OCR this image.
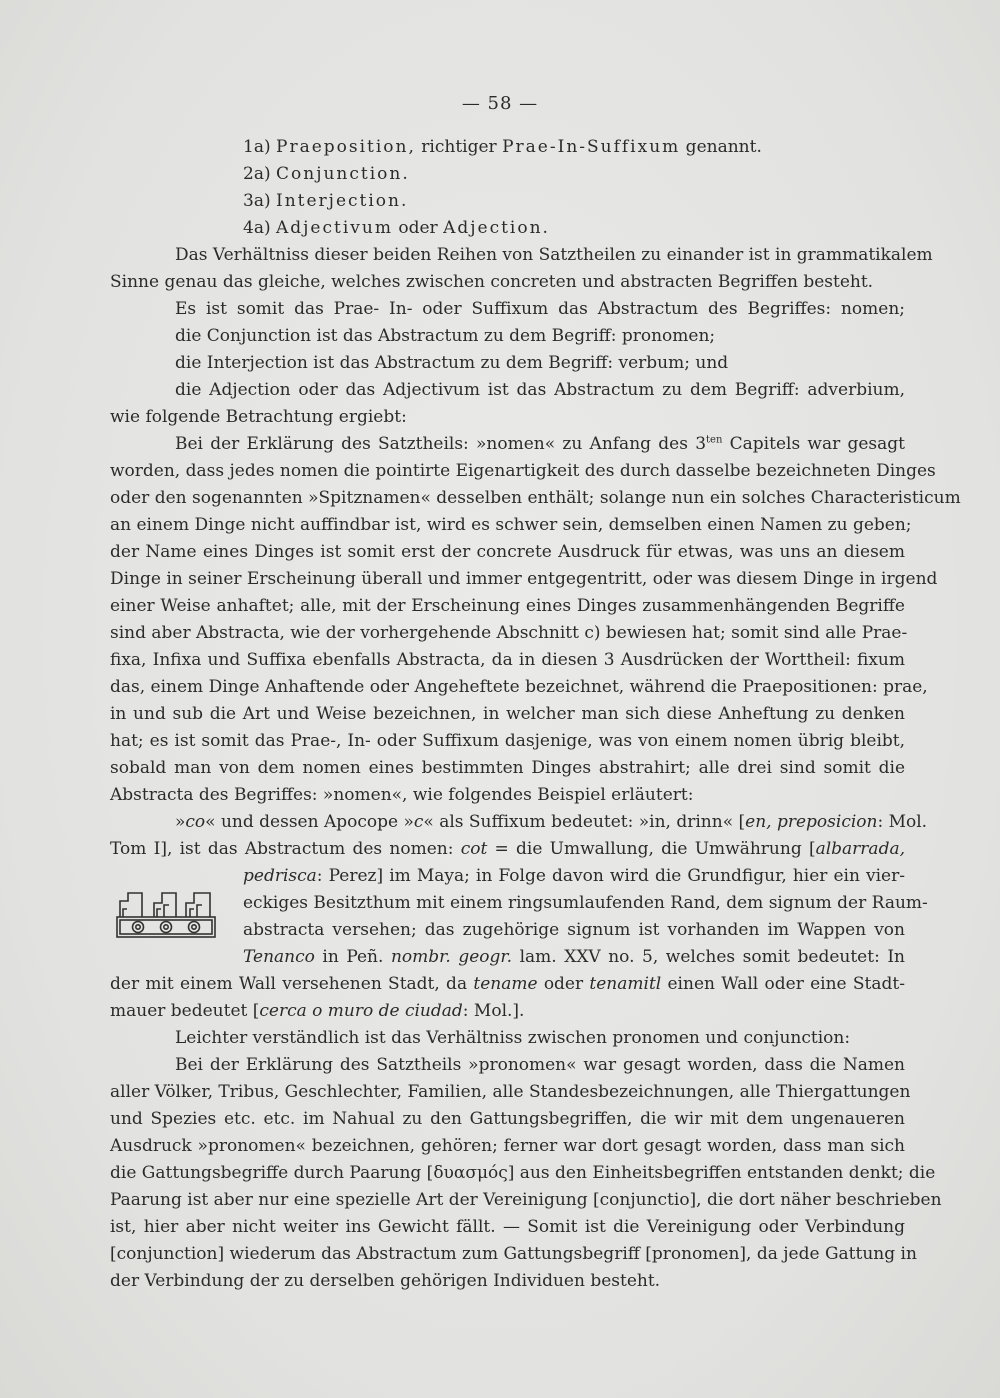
— 58 —
1a) Praeposition, richtiger Prae-In-Suffixum genannt.
2a) Conjunction.
3a) Interjection.
4a) Adjectivum oder Adjection.
Das Verhältniss dieser beiden Reihen von Satztheilen zu einander ist in grammatikalem
Sinne genau das gleiche, welches zwischen concreten und abstracten Begriffen besteht.
Es ist somit das Prae- In- oder Suffixum das Abstractum des Begriffes: nomen;
die Conjunction ist das Abstractum zu dem Begriff: pronomen;
die Interjection ist das Abstractum zu dem Begriff: verbum; und
die Adjection oder das Adjectivum ist das Abstractum zu dem Begriff: adverbium,
wie folgende Betrachtung ergiebt:
Bei der Erklärung des Satztheils: »nomen« zu Anfang des $3^{ten}$ Capitels war gesagt
worden, dass jedes nomen die pointirte Eigenartigkeit des durch dasselbe bezeichneten Dinges
oder den sogenannten »Spitznamen« desselben enthält; solange nun ein solches Characteristicum
an einem Dinge nicht auffindbar ist, wird es schwer sein, demselben einen Namen zu geben;
der Name eines Dinges ist somit erst der concrete Ausdruck für etwas, was uns an diesem
Dinge in seiner Erscheinung überall und immer entgegentritt, oder was diesem Dinge in irgend
einer Weise anhaftet; alle, mit der Erscheinung eines Dinges zusammenhängenden Begriffe
sind aber Abstracta, wie der vorhergehende Abschnitt c) bewiesen hat; somit sind alle Prae-
fixa, Infixa und Suffixa ebenfalls Abstracta, da in diesen 3 Ausdrücken der Worttheil: fixum
das, einem Dinge Anhaftende oder Angeheftete bezeichnet, während die Praepositionen: prae,
in und sub die Art und Weise bezeichnen, in welcher man sich diese Anheftung zu denken
hat; es ist somit das Prae-, In- oder Suffixum dasjenige, was von einem nomen übrig bleibt,
sobald man von dem nomen eines bestimmten Dinges abstrahirt; alle drei sind somit die
Abstracta des Begriffes: »nomen«, wie folgendes Beispiel erläutert:
»co« und dessen Apocope »c« als Suffixum bedeutet: »in, drinn« [en, preposicion: Mol.
Tom I], ist das Abstractum des nomen: cot = die Umwallung, die Umwährung [albarrada,
pedrisca: Perez] im Maya; in Folge davon wird die Grundfigur, hier ein vier-
eckiges Besitzthum mit einem ringsumlaufenden Rand, dem signum der Raum-
abstracta versehen; das zugehörige signum ist vorhanden im Wappen von
Tenanco in Peñ. nombr. geogr. lam. XXV no. 5, welches somit bedeutet: In
der mit einem Wall versehenen Stadt, da tename oder tenamitl einen Wall oder eine Stadt-
mauer bedeutet [cerca o muro de ciudad: Mol.].
Leichter verständlich ist das Verhältniss zwischen pronomen und conjunction:
Bei der Erklärung des Satztheils »pronomen« war gesagt worden, dass die Namen
aller Völker, Tribus, Geschlechter, Familien, alle Standesbezeichnungen, alle Thiergattungen
und Spezies etc. etc. im Nahual zu den Gattungsbegriffen, die wir mit dem ungenaueren
Ausdruck »pronomen« bezeichnen, gehören; ferner war dort gesagt worden, dass man sich
die Gattungsbegriffe durch Paarung [δυασμός] aus den Einheitsbegriffen entstanden denkt; die
Paarung ist aber nur eine spezielle Art der Vereinigung [conjunctio], die dort näher beschrieben
ist, hier aber nicht weiter ins Gewicht fällt. — Somit ist die Vereinigung oder Verbindung
[conjunction] wiederum das Abstractum zum Gattungsbegriff [pronomen], da jede Gattung in
der Verbindung der zu derselben gehörigen Individuen besteht.
